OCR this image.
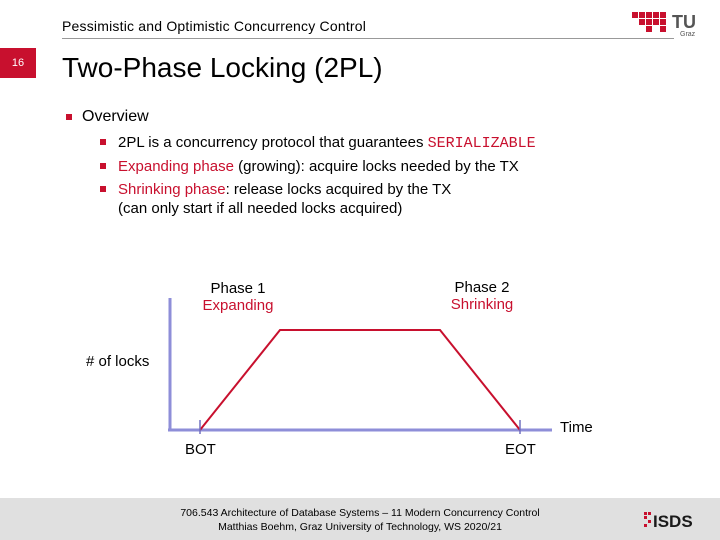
Pessimistic and Optimistic Concurrency Control
16
TU
Graz
Two-Phase Locking (2PL)
Overview
2PL is a concurrency protocol that guarantees SERIALIZABLE
Expanding phase (growing): acquire locks needed by the TX
Shrinking phase: release locks acquired by the TX
(can only start if all needed locks acquired)
Phase 1
Expanding
Phase 2
Shrinking
# of locks
Time
BOT	EOT
706.543 Architecture of Database Systems – 11 Modern Concurrency Control
Matthias Boehm, Graz University of Technology, WS 2020/21	ISDS
